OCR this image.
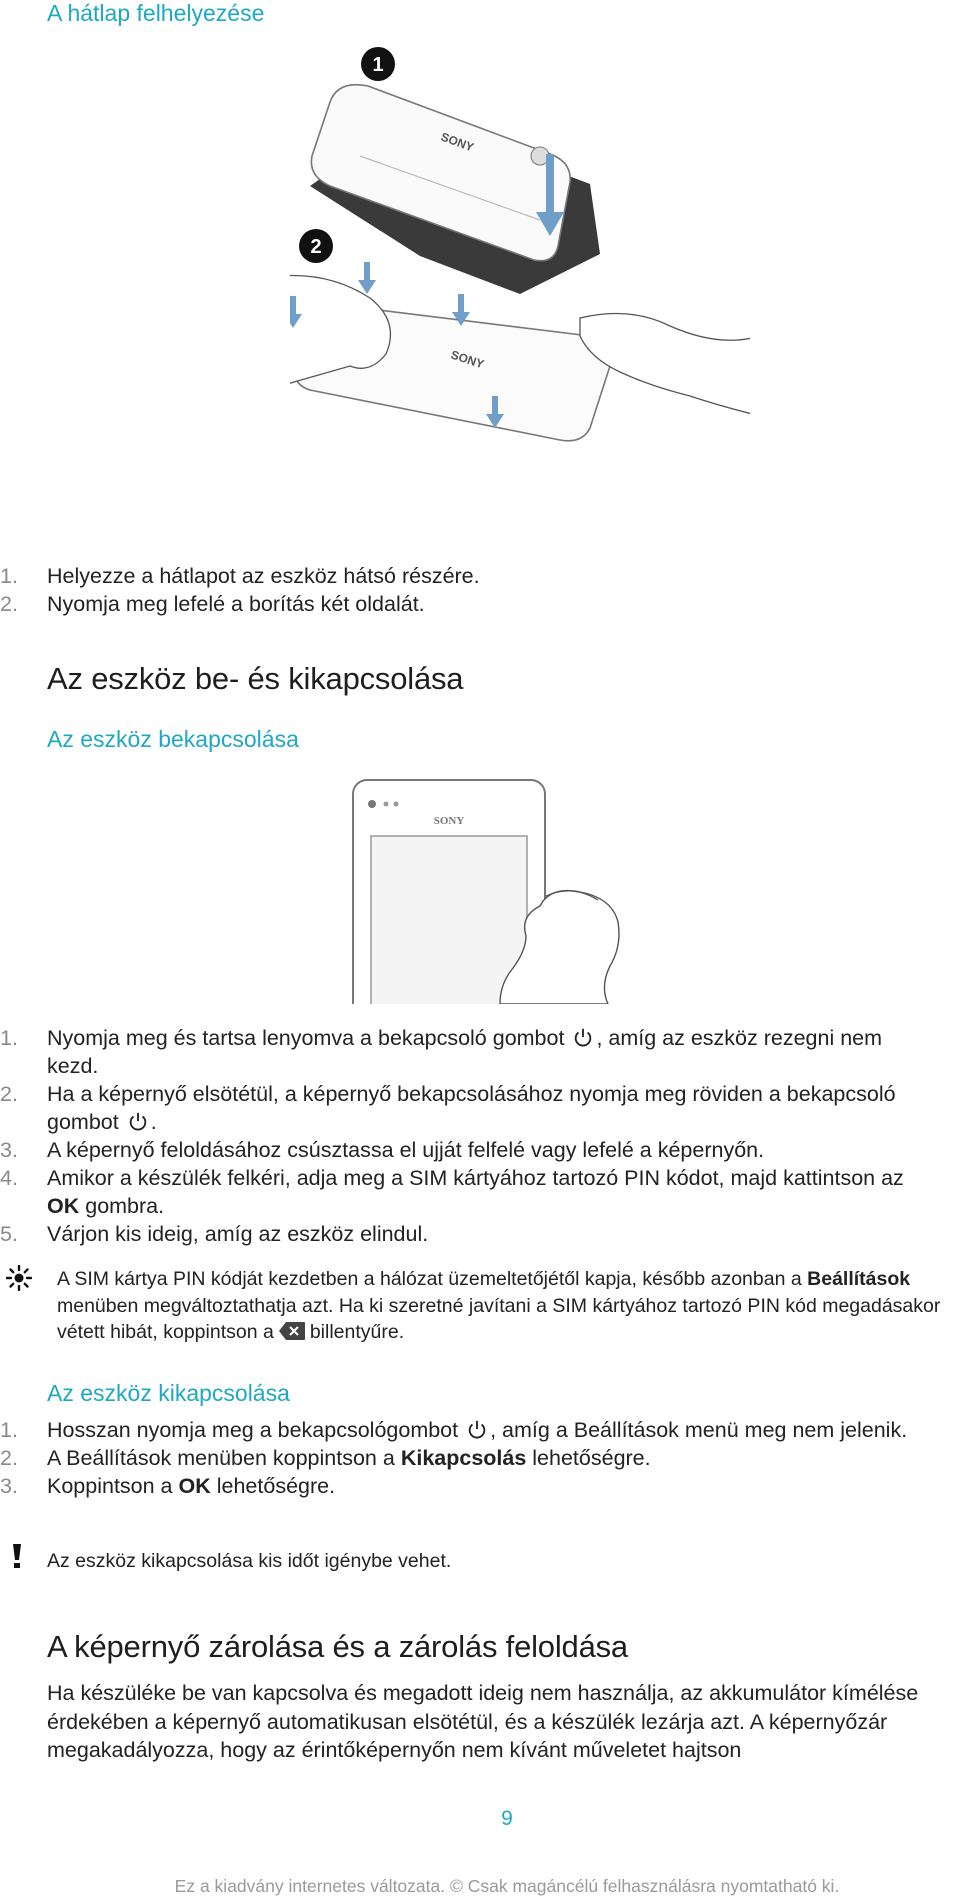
A hátlap felhelyezése
1
SONY
2
SONY
1. Helyezze a hátlapot az eszköz hátsó részére.
2. Nyomja meg lefelé a borítás két oldalát.
Az eszköz be- és kikapcsolása
Az eszköz bekapcsolása
SONY
1. Nyomja meg és tartsa lenyomva a bekapcsoló gombot , amíg az eszköz rezegni nem kezd.
2. Ha a képernyő elsötétül, a képernyő bekapcsolásához nyomja meg röviden a bekapcsoló gombot .
3. A képernyő feloldásához csúsztassa el ujját felfelé vagy lefelé a képernyőn.
4. Amikor a készülék felkéri, adja meg a SIM kártyához tartozó PIN kódot, majd kattintson az OK gombra.
5. Várjon kis ideig, amíg az eszköz elindul.
A SIM kártya PIN kódját kezdetben a hálózat üzemeltetőjétől kapja, később azonban a Beállítások menüben megváltoztathatja azt. Ha ki szeretné javítani a SIM kártyához tartozó PIN kód megadásakor vétett hibát, koppintson a billentyűre.
Az eszköz kikapcsolása
1. Hosszan nyomja meg a bekapcsológombot , amíg a Beállítások menü meg nem jelenik.
2. A Beállítások menüben koppintson a Kikapcsolás lehetőségre.
3. Koppintson a OK lehetőségre.
Az eszköz kikapcsolása kis időt igénybe vehet.
A képernyő zárolása és a zárolás feloldása
Ha készüléke be van kapcsolva és megadott ideig nem használja, az akkumulátor kímélése érdekében a képernyő automatikusan elsötétül, és a készülék lezárja azt. A képernyőzár megakadályozza, hogy az érintőképernyőn nem kívánt műveletet hajtson
9
Ez a kiadvány internetes változata. © Csak magáncélú felhasználásra nyomtatható ki.
